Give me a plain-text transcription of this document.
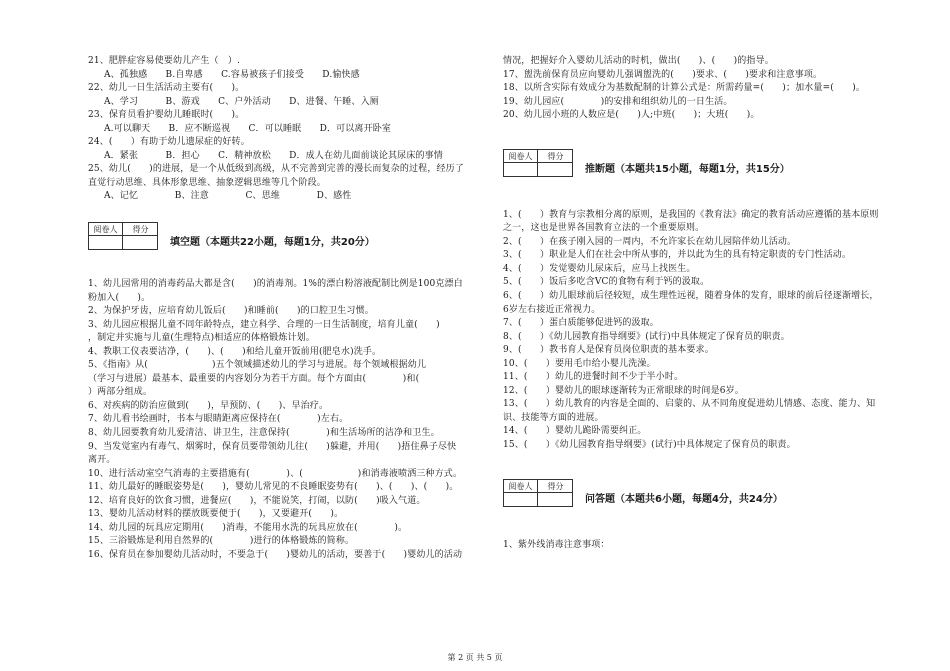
21、肥胖症容易使要幼儿产生（　）.
A、孤独感　　B.自卑感　　C.容易被孩子们接受　　D.愉快感
22、幼儿一日生活活动主要有(　　)。
A、学习　　　B、游戏　　C、户外活动　　D、进餐、午睡、入厕
23、保育员看护婴幼儿睡眠时(　　)。
A.可以聊天　　B．应不断巡视　　C．可以睡眠　　D．可以离开卧室
24、(　　）有助于幼儿遗尿症的好转。
A．紧张　　　B．担心　　C．精神放松　　D．成人在幼儿面前谈论其尿床的事情
25、幼儿(　　)的进展，是一个从低级到高级，从不完善到完善的漫长而复杂的过程，经历了
直觉行动思维、具体形象思维、抽象逻辑思维等几个阶段。
A、记忆　　　　B、注意　　　　C、思维　　　　D、感性
阅卷人	得分
填空题（本题共22小题，每题1分，共20分）
1、幼儿园常用的消毒药品大都是含(　　)的消毒剂。1%的漂白粉溶液配制比例是100克漂白
粉加入(　　)。
2、为保护牙齿，应培育幼儿饭后(　　)和睡前(　　)的口腔卫生习惯。
3、幼儿园应根据儿童不同年龄特点，建立科学、合理的一日生活制度，培育儿童(　　)
，制定并实施与儿童(生理特点)相适应的体格锻炼计划。
4、教职工仪表要洁净，(　　)、(　　)和给儿童开饭前用(肥皂水)洗手。
5、《指南》从(　　　　　　　)五个领域描述幼儿的学习与进展。每个领域根据幼儿
（学习与进展）最基本、最重要的内容划分为若干方面。每个方面由(　　　　)和(　　
）两部分组成。
6、对疾病的防治应做到(　　)，早预防、(　　)、早治疗。
7、幼儿看书绘画时，书本与眼睛距离应保持在(　　　　)左右。
8、幼儿园要教育幼儿爱清洁、讲卫生，注意保持(　　　　)和生活场所的洁净和卫生。
9、当发觉室内有毒气、烟雾时，保育员要带领幼儿往(　　)躲避，并用(　　)捂住鼻子尽快
离开。
10、进行活动室空气消毒的主要措施有(　　　　)、(　　　　　　)和消毒液喷洒三种方式。
11、幼儿最好的睡眠姿势是(　　)，婴幼儿常见的不良睡眠姿势有(　　)、(　　)、(　　)。
12、培育良好的饮食习惯，进餐应(　　)，不能说笑，打闹，以防(　　)吸入气道。
13、婴幼儿活动材料的摆放既要便于(　　)，又要避开(　　)。
14、幼儿园的玩具应定期用(　　)消毒，不能用水洗的玩具应放在(　　　　)。
15、三浴锻炼是利用自然界的(　　　　)进行的体格锻炼的简称。
16、保育员在参加婴幼儿活动时，不要急于(　　)婴幼儿的活动，要善于(　　)婴幼儿的活动
情况，把握好介入婴幼儿活动的时机，做出(　　)、(　　)的指导。
17、盥洗前保育员应向婴幼儿强调盥洗的(　　)要求、(　　)要求和注意事项。
18、以所含实际有效成分为基数配制的计算公式是：所需药量=(　　)；加水量=(　　)。
19、幼儿园应(　　　　)的安排和组织幼儿的一日生活。
20、幼儿园小班的人数应是(　　)人;中班(　　)；大班(　　)。
阅卷人	得分
推断题（本题共15小题，每题1分，共15分）
1、(　　）教育与宗教相分离的原则，是我国的《教育法》确定的教育活动应遵循的基本原则
之一，这也是世界各国教育立法的一个重要原则。
2、(　　）在孩子刚入园的一周内，不允许家长在幼儿园陪伴幼儿活动。
3、(　　）职业是人们在社会中所从事的，并以此为生的具有特定职责的专门性活动。
4、(　　）发觉婴幼儿尿床后，应马上找医生。
5、(　　）饭后多吃含VC的食物有利于钙的汲取。
6、(　　）幼儿眼球前后径较短，成生理性远视，随着身体的发育，眼球的前后径逐渐增长，
6岁左右接近正常视力。
7、(　　）蛋白质能够促进钙的汲取。
8、(　　）《幼儿园教育指导纲要》(试行)中具体规定了保育员的职责。
9、(　　）教书育人是保育员岗位职责的基本要求。
10、(　　）要用毛巾给小婴儿洗澡。
11、(　　）幼儿的进餐时间不少于半小时。
12、(　　）婴幼儿的眼球逐渐转为正常眼球的时间是6岁。
13、(　　）幼儿教育的内容是全面的、启蒙的、从不同角度促进幼儿情感、态度、能力、知
识、技能等方面的进展。
14、(　　）婴幼儿跪卧需要纠正。
15、(　　）《幼儿园教育指导纲要》(试行)中具体规定了保育员的职责。
阅卷人	得分
问答题（本题共6小题，每题4分，共24分）
1、紫外线消毒注意事项：
第 2 页 共 5 页
